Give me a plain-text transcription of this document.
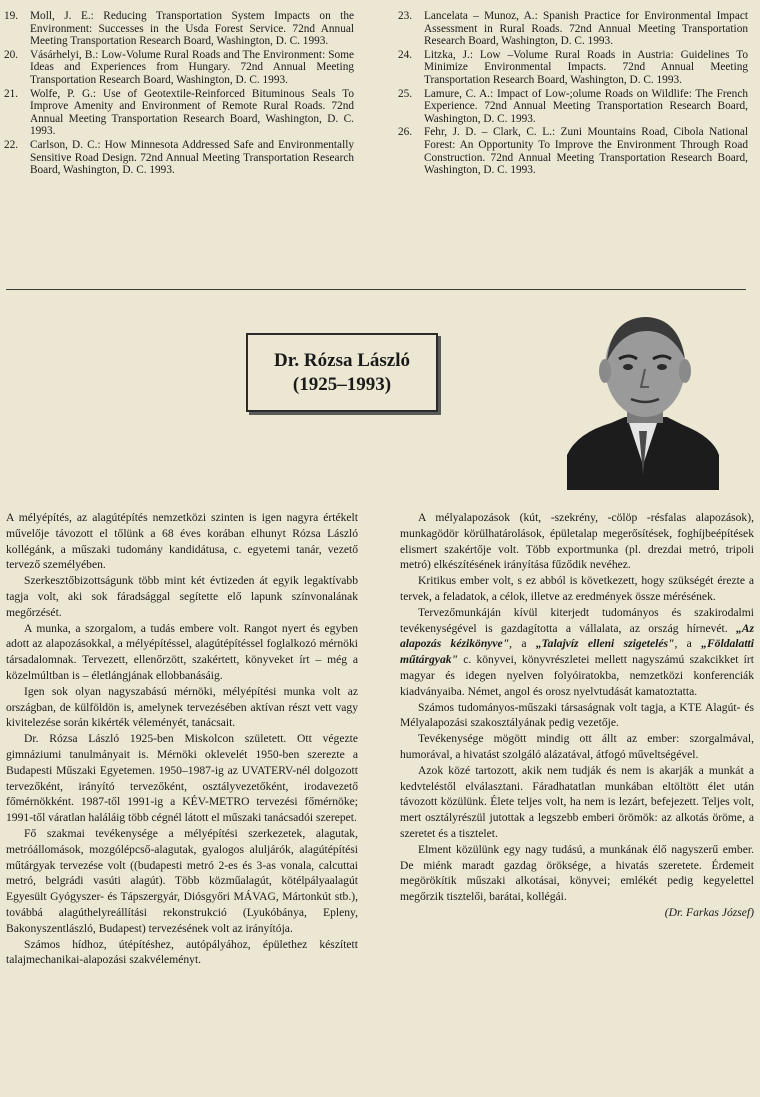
19.	Moll, J. E.: Reducing Transportation System Impacts on the Environment: Successes in the Usda Forest Service. 72nd Annual Meeting Transportation Research Board, Washington, D. C. 1993.
20.	Vásárhelyi, B.: Low-Volume Rural Roads and The Environment: Some Ideas and Experiences from Hungary. 72nd Annual Meeting Transportation Research Board, Washington, D. C. 1993.
21.	Wolfe, P. G.: Use of Geotextile-Reinforced Bituminous Seals To Improve Amenity and Environment of Remote Rural Roads. 72nd Annual Meeting Transportation Research Board, Washington, D. C. 1993.
22.	Carlson, D. C.: How Minnesota Addressed Safe and Environmentally Sensitive Road Design. 72nd Annual Meeting Transportation Research Board, Washington, D. C. 1993.
23.	Lancelata – Munoz, A.: Spanish Practice for Environmental Impact Assessment in Rural Roads. 72nd Annual Meeting Transportation Research Board, Washington, D. C. 1993.
24.	Litzka, J.: Low –Volume Rural Roads in Austria: Guidelines To Minimize Environmental Impacts. 72nd Annual Meeting Transportation Research Board, Washington, D. C. 1993.
25.	Lamure, C. A.: Impact of Low-;olume Roads on Wildlife: The French Experience. 72nd Annual Meeting Transportation Research Board, Washington, D. C. 1993.
26.	Fehr, J. D. – Clark, C. L.: Zuni Mountains Road, Cibola National Forest: An Opportunity To Improve the Environment Through Road Construction. 72nd Annual Meeting Transportation Research Board, Washington, D. C. 1993.
Dr. Rózsa László
(1925–1993)

A mélyépítés, az alagútépítés nemzetközi szinten is igen nagyra értékelt művelője távozott el tőlünk a 68 éves korában elhunyt Rózsa László kollégánk, a műszaki tudomány kandidátusa, c. egyetemi tanár, vezető tervező személyében.

Szerkesztőbizottságunk több mint két évtizeden át egyik legaktívabb tagja volt, aki sok fáradsággal segítette elő lapunk színvonalának megőrzését.

A munka, a szorgalom, a tudás embere volt. Rangot nyert és egyben adott az alapozásokkal, a mélyépítéssel, alagútépítéssel foglalkozó mérnöki társadalomnak. Tervezett, ellenőrzött, szakértett, könyveket írt – még a közelmúltban is – életlángjának ellobbanásáig.

Igen sok olyan nagyszabású mérnöki, mélyépítési munka volt az országban, de külföldön is, amelynek tervezésében aktívan részt vett vagy kivitelezése során kikérték véleményét, tanácsait.

Dr. Rózsa László 1925-ben Miskolcon született. Ott végezte gimnáziumi tanulmányait is. Mérnöki oklevelét 1950-ben szerezte a Budapesti Műszaki Egyetemen. 1950–1987-ig az UVATERV-nél dolgozott tervezőként, irányító tervezőként, osztályvezetőként, irodavezető főmérnökként. 1987-től 1991-ig a KÉV-METRO tervezési főmérnöke; 1991-től váratlan haláláig több cégnél látott el műszaki tanácsadói szerepet.

Fő szakmai tevékenysége a mélyépítési szerkezetek, alagutak, metróállomások, mozgólépcső-alagutak, gyalogos aluljárók, alagútépítési műtárgyak tervezése volt ((budapesti metró 2-es és 3-as vonala, calcuttai metró, belgrádi vasúti alagút). Több közműalagút, kötélpályaalagút Egyesült Gyógyszer- és Tápszergyár, Diósgyőri MÁVAG, Mártonkút stb.), továbbá alagúthelyreállítási rekonstrukció (Lyukóbánya, Epleny, Bakonyszentlászló, Budapest) tervezésének volt az irányítója.

Számos hídhoz, útépítéshez, autópályához, épülethez készített talajmechanikai-alapozási szakvéleményt.

A mélyalapozások (kút, -szekrény, -cölöp -résfalas alapozások), munkagödör körülhatárolások, épületalap megerősítések, foghíjbeépítések elismert szakértője volt. Több exportmunka (pl. drezdai metró, tripoli metró) elkészítésének irányítása fűződik nevéhez.

Kritikus ember volt, s ez abból is következett, hogy szükségét érezte a tervek, a feladatok, a célok, illetve az eredmények össze mérésének.

Tervezőmunkáján kívül kiterjedt tudományos és szakirodalmi tevékenységével is gazdagította a vállalata, az ország hírnevét. „Az alapozás kézikönyve", a „Talajvíz elleni szigetelés", a „Földalatti műtárgyak" c. könyvei, könyvrészletei mellett nagyszámú szakcikket írt magyar és idegen nyelven folyóiratokba, nemzetközi konferenciák kiadványaiba. Német, angol és orosz nyelvtudását kamatoztatta.

Számos tudományos-műszaki társaságnak volt tagja, a KTE Alagút- és Mélyalapozási szakosztályának pedig vezetője.

Tevékenysége mögött mindig ott állt az ember: szorgalmával, humorával, a hivatást szolgáló alázatával, átfogó műveltségével.

Azok közé tartozott, akik nem tudják és nem is akarják a munkát a kedvteléstől elválasztani. Fáradhatatlan munkában eltöltött élet után távozott közülünk. Élete teljes volt, ha nem is lezárt, befejezett. Teljes volt, mert osztályrészül jutottak a legszebb emberi örömök: az alkotás öröme, a szeretet és a tisztelet.

Elment közülünk egy nagy tudású, a munkának élő nagyszerű ember. De miénk maradt gazdag öröksége, a hivatás szeretete. Érdemeit megörökítik műszaki alkotásai, könyvei; emlékét pedig kegyelettel megőrzik tisztelői, barátai, kollégái.

(Dr. Farkas József)
